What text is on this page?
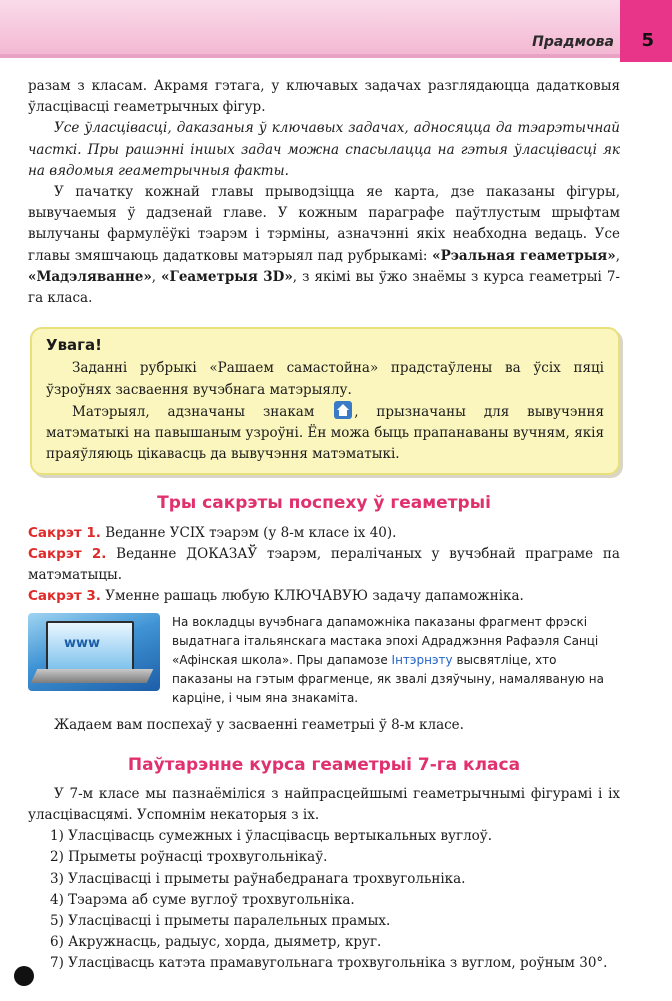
Прадмова 5

разам з класам. Акрамя гэтага, у ключавых задачах разглядаюцца дадатковыя ўласцівасці геаметрычных фігур.

Усе ўласцівасці, даказаныя ў ключавых задачах, адносяцца да тэарэтычнай часткі. Пры рашэнні іншых задач можна спасылацца на гэтыя ўласцівасці як на вядомыя геаметрычныя факты.

У пачатку кожнай главы прыводзіцца яе карта, дзе паказаны фігуры, вывучаемыя ў дадзенай главе. У кожным параграфе паўтлустым шрыфтам вылучаны фармулёўкі тэарэм і тэрміны, азначэнні якіх неабходна ведаць. Усе главы змяшчаюць дадатковы матэрыял пад рубрыкамі: «Рэальная геаметрыя», «Мадэляванне», «Геаметрыя 3D», з якімі вы ўжо знаёмы з курса геаметрыі 7-га класа.

Увага!

Заданні рубрыкі «Рашаем самастойна» прадстаўлены ва ўсіх пяці ўзроўнях засваення вучэбнага матэрыялу.

Матэрыял, адзначаны знакам	, прызначаны для вывучэння матэматыкі на павышаным узроўні. Ён можа быць прапанаваны вучням, якія праяўляюць цікавасць да вывучэння матэматыкі.

Тры сакрэты поспеху ў геаметрыі

Сакрэт 1. Веданне УСІХ тэарэм (у 8-м класе іх 40).

Сакрэт 2. Веданне ДОКАЗАЎ тэарэм, пералічаных у вучэбнай праграме па матэматыцы.

Сакрэт 3. Уменне рашаць любую КЛЮЧАВУЮ задачу дапаможніка.

www
На вокладцы вучэбнага дапаможніка паказаны фрагмент фрэскі выдатнага італьянскага мастака эпохі Адраджэння Рафаэля Санці «Афінская школа». Пры дапамозе Інтэрнэту высвятліце, хто паказаны на гэтым фрагменце, як звалі дзяўчыну, намаляваную на карціне, і чым яна знакаміта.

Жадаем вам поспехаў у засваенні геаметрыі ў 8-м класе.

Паўтарэнне курса геаметрыі 7-га класа

У 7-м класе мы пазнаёміліся з найпрасцейшымі геаметрычнымі фігурамі і іх уласцівасцямі. Успомнім некаторыя з іх.

1) Уласцівасць сумежных і ўласцівасць вертыкальных вуглоў.
2) Прыметы роўнасці трохвугольнікаў.
3) Уласцівасці і прыметы раўнабедранага трохвугольніка.
4) Тэарэма аб суме вуглоў трохвугольніка.
5) Уласцівасці і прыметы паралельных прамых.
6) Акружнасць, радыус, хорда, дыяметр, круг.
7) Уласцівасць катэта прамавугольнага трохвугольніка з вуглом, роўным 30°.
